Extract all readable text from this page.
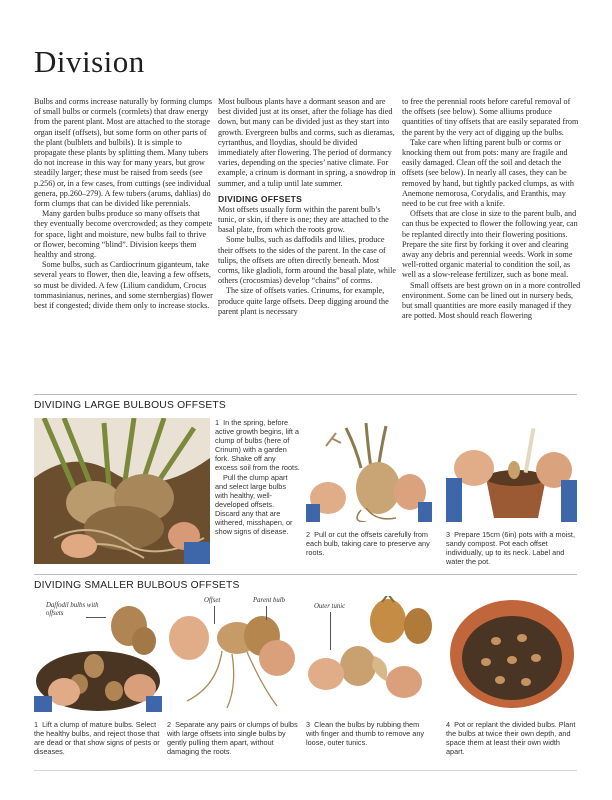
Division

Bulbs and corms increase naturally by forming clumps of small bulbs or cormels (cormlets) that draw energy from the parent plant. Most are attached to the storage organ itself (offsets), but some form on other parts of the plant (bulblets and bulbils). It is simple to propagate these plants by splitting them. Many tubers do not increase in this way for many years, but grow steadily larger; these must be raised from seeds (see p.256) or, in a few cases, from cuttings (see individual genera, pp.260–279). A few tubers (arums, dahlias) do form clumps that can be divided like perennials.

Many garden bulbs produce so many offsets that they eventually become overcrowded; as they compete for space, light and moisture, new bulbs fail to thrive or flower, becoming “blind”. Division keeps them healthy and strong.

Some bulbs, such as Cardiocrinum giganteum, take several years to flower, then die, leaving a few offsets, so must be divided. A few (Lilium candidum, Crocus tommasinianus, nerines, and some sternbergias) flower best if congested; divide them only to increase stocks.

Most bulbous plants have a dormant season and are best divided just at its onset, after the foliage has died down, but many can be divided just as they start into growth. Evergreen bulbs and corms, such as dieramas, cyrtanthus, and lloydias, should be divided immediately after flowering. The period of dormancy varies, depending on the species’ native climate. For example, a crinum is dormant in spring, a snowdrop in summer, and a tulip until late summer.

DIVIDING OFFSETS

Most offsets usually form within the parent bulb’s tunic, or skin, if there is one; they are attached to the basal plate, from which the roots grow.

Some bulbs, such as daffodils and lilies, produce their offsets to the sides of the parent. In the case of tulips, the offsets are often directly beneath. Most corms, like gladioli, form around the basal plate, while others (crocosmias) develop “chains” of corms.

The size of offsets varies. Crinums, for example, produce quite large offsets. Deep digging around the parent plant is necessary

to free the perennial roots before careful removal of the offsets (see below). Some alliums produce quantities of tiny offsets that are easily separated from the parent by the very act of digging up the bulbs.

Take care when lifting parent bulb or corms or knocking them out from pots: many are fragile and easily damaged. Clean off the soil and detach the offsets (see below). In nearly all cases, they can be removed by hand, but tightly packed clumps, as with Anemone nemorosa, Corydalis, and Eranthis, may need to be cut free with a knife.

Offsets that are close in size to the parent bulb, and can thus be expected to flower the following year, can be replanted directly into their flowering positions. Prepare the site first by forking it over and clearing away any debris and perennial weeds. Work in some well-rotted organic material to condition the soil, as well as a slow-release fertilizer, such as bone meal.

Small offsets are best grown on in a more controlled environment. Some can be lined out in nursery beds, but small quantities are more easily managed if they are potted. Most should reach flowering

DIVIDING LARGE BULBOUS OFFSETS

1 In the spring, before active growth begins, lift a clump of bulbs (here of Crinum) with a garden fork. Shake off any excess soil from the roots.

Pull the clump apart and select large bulbs with healthy, well-developed offsets. Discard any that are withered, misshapen, or show signs of disease.	2 Pull or cut the offsets carefully from each bulb, taking care to preserve any roots.

3 Prepare 15cm (6in) pots with a moist, sandy compost. Pot each offset individually, up to its neck. Label and water the pot.

DIVIDING SMALLER BULBOUS OFFSETS
Daffodil bulbs with offsets
Offset	Parent bulb
Outer tunic

1 Lift a clump of mature bulbs. Select the healthy bulbs, and reject those that are dead or that show signs of pests or diseases.

2 Separate any pairs or clumps of bulbs with large offsets into single bulbs by gently pulling them apart, without damaging the roots.

3 Clean the bulbs by rubbing them with finger and thumb to remove any loose, outer tunics.

4 Pot or replant the divided bulbs. Plant the bulbs at twice their own depth, and space them at least their own width apart.
